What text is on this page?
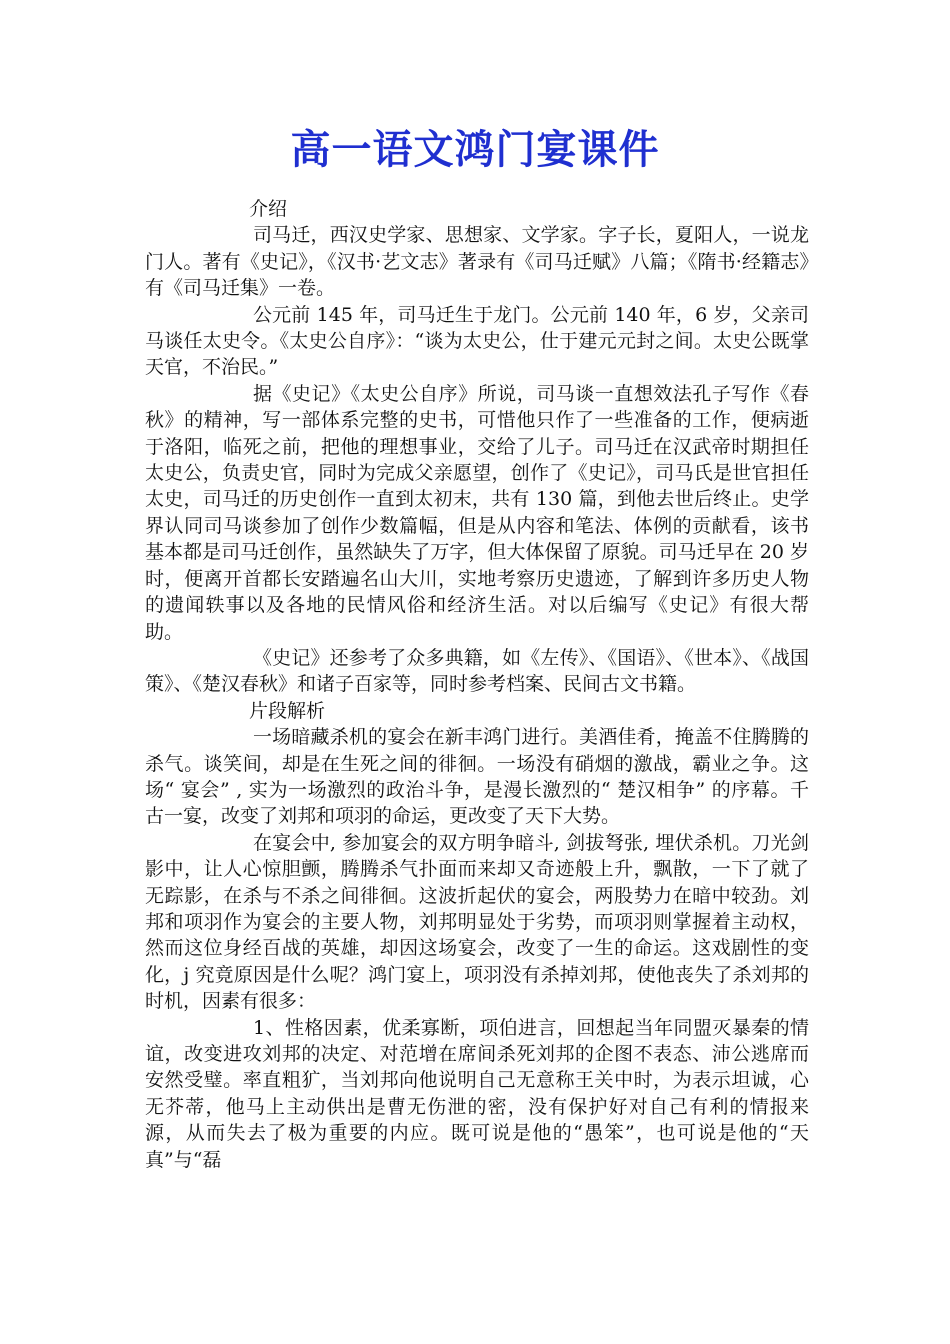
高一语文鸿门宴课件

介绍

司马迁，西汉史学家、思想家、文学家。字子长，夏阳人，一说龙门人。著有《史记》，《汉书·艺文志》著录有《司马迁赋》八篇；《隋书·经籍志》有《司马迁集》一卷。

公元前 145 年，司马迁生于龙门。公元前 140 年，6 岁，父亲司马谈任太史令。《太史公自序》：“谈为太史公，仕于建元元封之间。太史公既掌天官，不治民。”

据《史记》《太史公自序》所说，司马谈一直想效法孔子写作《春秋》的精神，写一部体系完整的史书，可惜他只作了一些准备的工作，便病逝于洛阳，临死之前，把他的理想事业，交给了儿子。司马迁在汉武帝时期担任太史公，负责史官，同时为完成父亲愿望，创作了《史记》，司马氏是世官担任太史，司马迁的历史创作一直到太初末，共有 130 篇，到他去世后终止。史学界认同司马谈参加了创作少数篇幅，但是从内容和笔法、体例的贡献看，该书基本都是司马迁创作，虽然缺失了万字，但大体保留了原貌。司马迁早在 20 岁时，便离开首都长安踏遍名山大川，实地考察历史遗迹，了解到许多历史人物的遗闻轶事以及各地的民情风俗和经济生活。对以后编写《史记》有很大帮助。

《史记》还参考了众多典籍，如《左传》、《国语》、《世本》、《战国策》、《楚汉春秋》和诸子百家等，同时参考档案、民间古文书籍。

片段解析

一场暗藏杀机的宴会在新丰鸿门进行。美酒佳肴，掩盖不住腾腾的杀气。谈笑间，却是在生死之间的徘徊。一场没有硝烟的激战，霸业之争。这场“ 宴会” , 实为一场激烈的政治斗争，是漫长激烈的“ 楚汉相争” 的序幕。千古一宴，改变了刘邦和项羽的命运，更改变了天下大势。

在宴会中, 参加宴会的双方明争暗斗, 剑拔弩张, 埋伏杀机。刀光剑影中，让人心惊胆颤，腾腾杀气扑面而来却又奇迹般上升，飘散，一下了就了无踪影，在杀与不杀之间徘徊。这波折起伏的宴会，两股势力在暗中较劲。刘邦和项羽作为宴会的主要人物，刘邦明显处于劣势，而项羽则掌握着主动权，然而这位身经百战的英雄，却因这场宴会，改变了一生的命运。这戏剧性的变化，j 究竟原因是什么呢？鸿门宴上，项羽没有杀掉刘邦，使他丧失了杀刘邦的时机，因素有很多：

1、性格因素，优柔寡断，项伯进言，回想起当年同盟灭暴秦的情谊，改变进攻刘邦的决定、对范增在席间杀死刘邦的企图不表态、沛公逃席而安然受璧。率直粗犷，当刘邦向他说明自己无意称王关中时，为表示坦诚，心无芥蒂，他马上主动供出是曹无伤泄的密，没有保护好对自己有利的情报来源，从而失去了极为重要的内应。既可说是他的“愚笨”，也可说是他的“天真”与“磊
